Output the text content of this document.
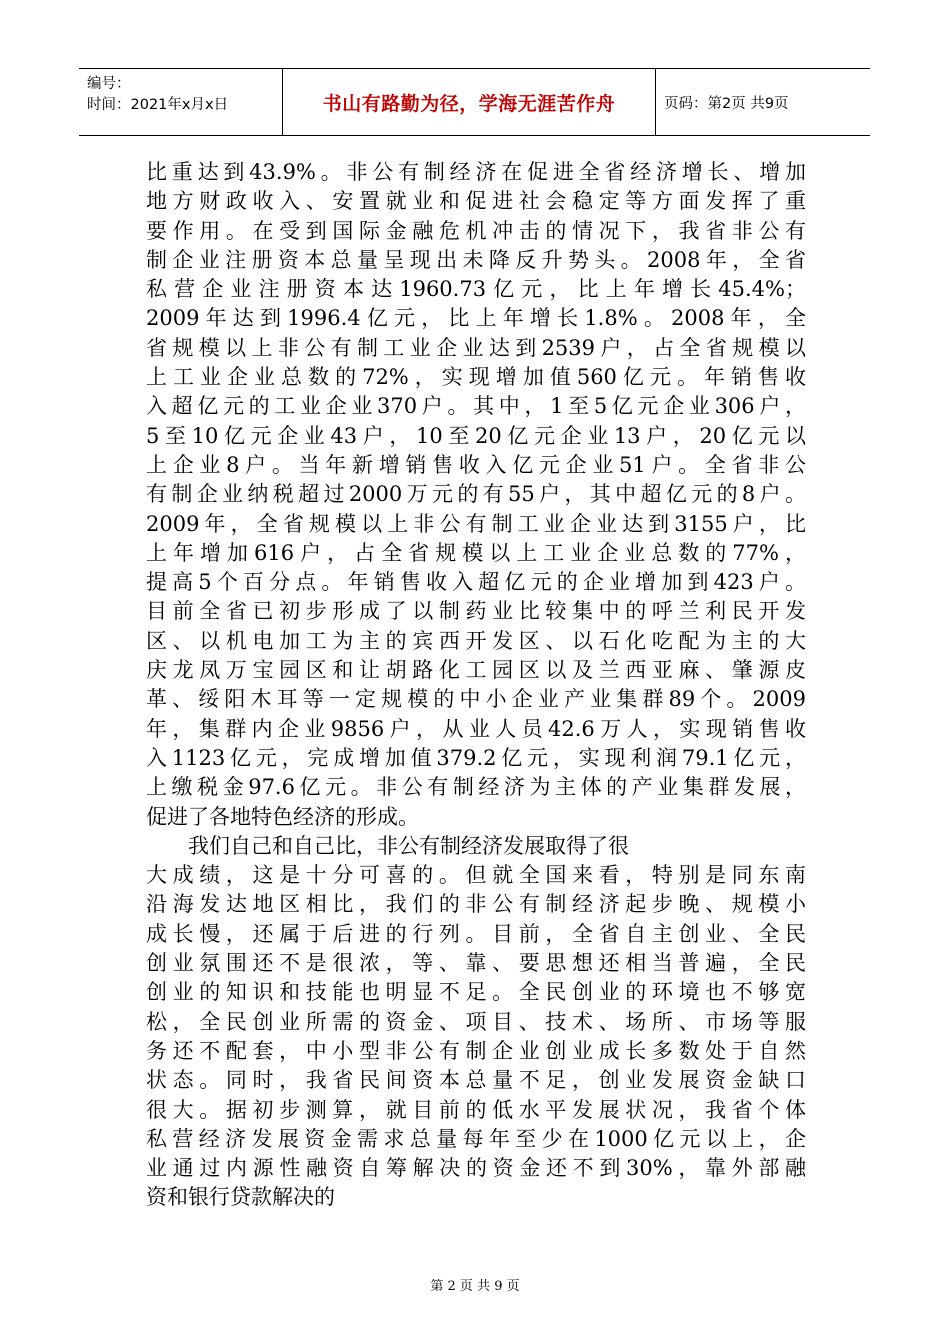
编号：
时间：2021年x月x日	书山有路勤为径，学海无涯苦作舟	页码：第2页 共9页
比重达到43.9%。非公有制经济在促进全省经济增长、增加
地方财政收入、安置就业和促进社会稳定等方面发挥了重
要作用。在受到国际金融危机冲击的情况下，我省非公有
制企业注册资本总量呈现出未降反升势头。2008年，全省
私营企业注册资本达1960.73亿元，比上年增长45.4%；
2009年达到1996.4亿元，比上年增长1.8%。2008年，全
省规模以上非公有制工业企业达到2539户，占全省规模以
上工业企业总数的72%，实现增加值560亿元。年销售收
入超亿元的工业企业370户。其中，1至5亿元企业306户，
5至10亿元企业43户，10至20亿元企业13户，20亿元以
上企业8户。当年新增销售收入亿元企业51户。全省非公
有制企业纳税超过2000万元的有55户，其中超亿元的8户。
2009年，全省规模以上非公有制工业企业达到3155户，比
上年增加616户，占全省规模以上工业企业总数的77%，
提高5个百分点。年销售收入超亿元的企业增加到423户。
目前全省已初步形成了以制药业比较集中的呼兰利民开发
区、以机电加工为主的宾西开发区、以石化吃配为主的大
庆龙凤万宝园区和让胡路化工园区以及兰西亚麻、肇源皮
革、绥阳木耳等一定规模的中小企业产业集群89个。2009
年，集群内企业9856户，从业人员42.6万人，实现销售收
入1123亿元，完成增加值379.2亿元，实现利润79.1亿元，
上缴税金97.6亿元。非公有制经济为主体的产业集群发展，
促进了各地特色经济的形成。
我们自己和自己比，非公有制经济发展取得了很
大成绩，这是十分可喜的。但就全国来看，特别是同东南
沿海发达地区相比，我们的非公有制经济起步晚、规模小
成长慢，还属于后进的行列。目前，全省自主创业、全民
创业氛围还不是很浓，等、靠、要思想还相当普遍，全民
创业的知识和技能也明显不足。全民创业的环境也不够宽
松，全民创业所需的资金、项目、技术、场所、市场等服
务还不配套，中小型非公有制企业创业成长多数处于自然
状态。同时，我省民间资本总量不足，创业发展资金缺口
很大。据初步测算，就目前的低水平发展状况，我省个体
私营经济发展资金需求总量每年至少在1000亿元以上，企
业通过内源性融资自筹解决的资金还不到30%，靠外部融
资和银行贷款解决的
第 2 页 共 9 页
